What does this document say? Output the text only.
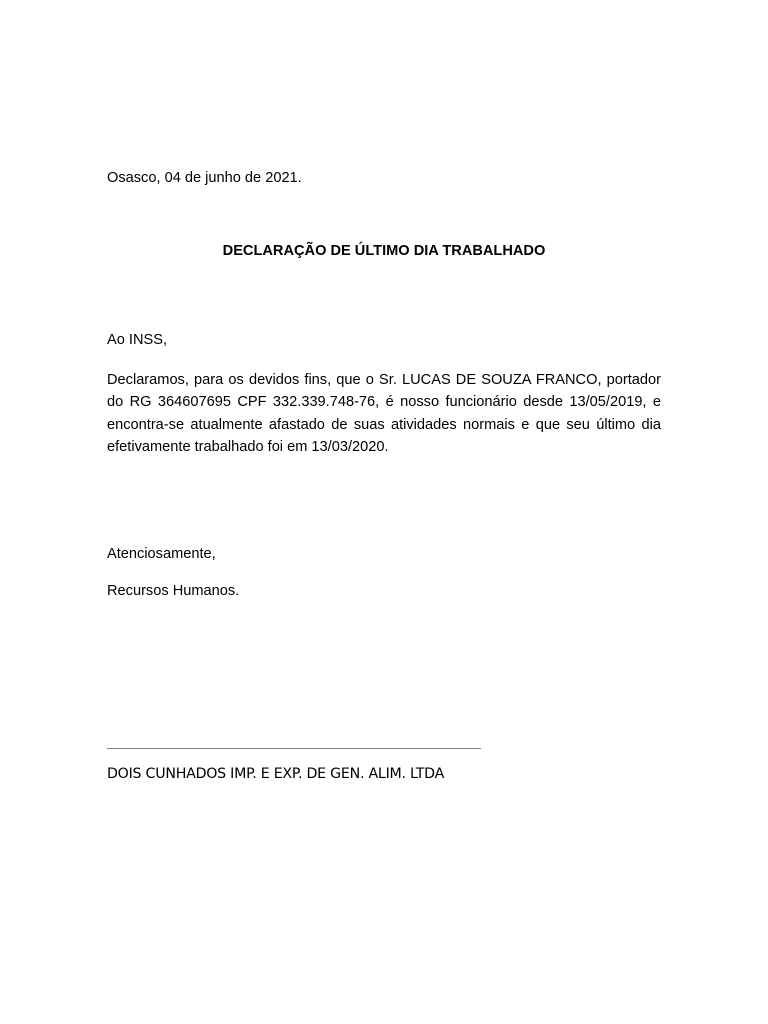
Osasco, 04 de junho de 2021.

DECLARAÇÃO DE ÚLTIMO DIA TRABALHADO

Ao INSS,

Declaramos, para os devidos fins, que o Sr. LUCAS DE SOUZA FRANCO, portador do RG 364607695 CPF 332.339.748-76, é nosso funcionário desde 13/05/2019, e encontra-se atualmente afastado de suas atividades normais e que seu último dia efetivamente trabalhado foi em 13/03/2020.

Atenciosamente,

Recursos Humanos.

DOIS CUNHADOS IMP. E EXP. DE GEN. ALIM. LTDA
